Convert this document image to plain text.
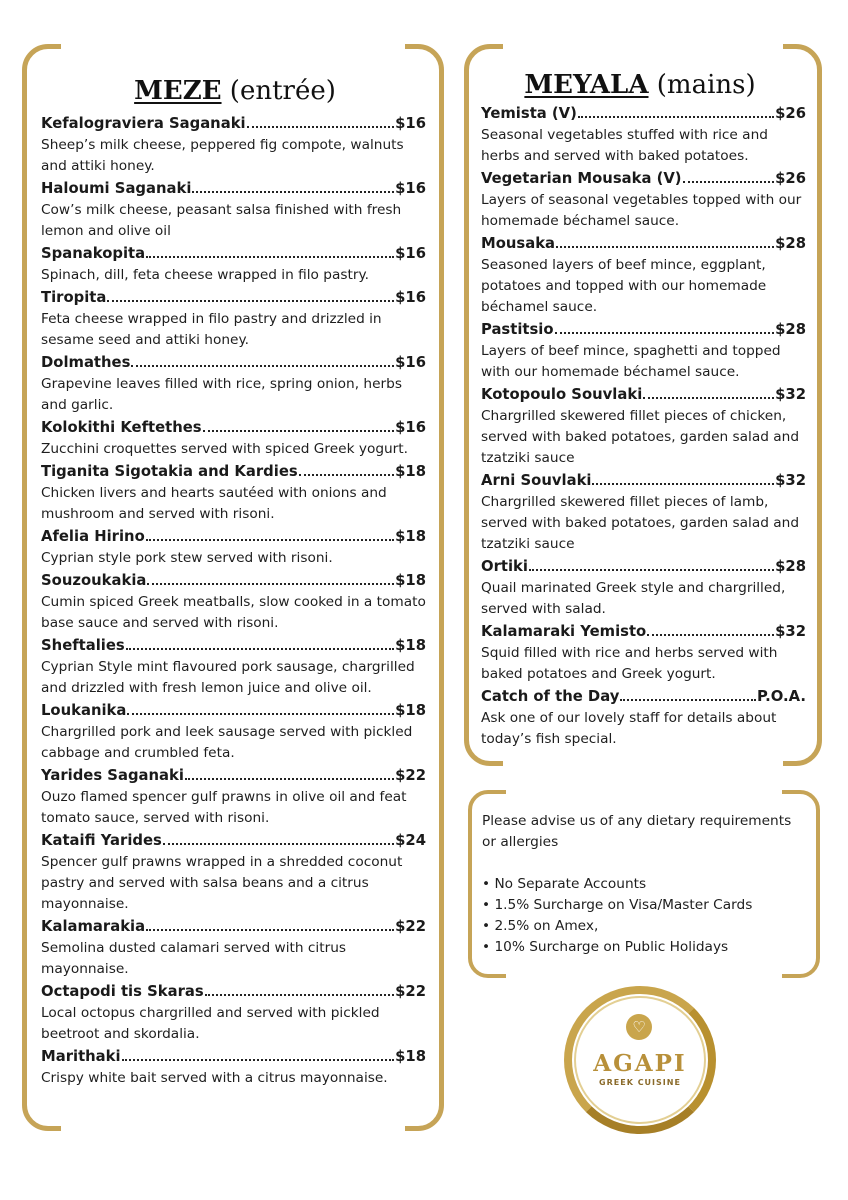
MEZE (entrée)
Kefalograviera Saganaki	$16
Sheep’s milk cheese, peppered fig compote, walnuts and attiki honey.
Haloumi Saganaki	$16
Cow’s milk cheese, peasant salsa finished with fresh lemon and olive oil
Spanakopita	$16
Spinach, dill, feta cheese wrapped in filo pastry.
Tiropita	$16
Feta cheese wrapped in filo pastry and drizzled in sesame seed and attiki honey.
Dolmathes	$16
Grapevine leaves filled with rice, spring onion, herbs and garlic.
Kolokithi Keftethes	$16
Zucchini croquettes served with spiced Greek yogurt.
Tiganita Sigotakia and Kardies	$18
Chicken livers and hearts sautéed with onions and mushroom and served with risoni.
Afelia Hirino	$18
Cyprian style pork stew served with risoni.
Souzoukakia	$18
Cumin spiced Greek meatballs, slow cooked in a tomato base sauce and served with risoni.
Sheftalies	$18
Cyprian Style mint flavoured pork sausage, chargrilled and drizzled with fresh lemon juice and olive oil.
Loukanika	$18
Chargrilled pork and leek sausage served with pickled cabbage and crumbled feta.
Yarides Saganaki	$22
Ouzo flamed spencer gulf prawns in olive oil and feat tomato sauce, served with risoni.
Kataifi Yarides	$24
Spencer gulf prawns wrapped in a shredded coconut pastry and served with salsa beans and a citrus mayonnaise.
Kalamarakia	$22
Semolina dusted calamari served with citrus mayonnaise.
Octapodi tis Skaras	$22
Local octopus chargrilled and served with pickled beetroot and skordalia.
Marithaki	$18
Crispy white bait served with a citrus mayonnaise.
MEYALA (mains)
Yemista (V)	$26
Seasonal vegetables stuffed with rice and herbs and served with baked potatoes.
Vegetarian Mousaka (V)	$26
Layers of seasonal vegetables topped with our homemade béchamel sauce.
Mousaka	$28
Seasoned layers of beef mince, eggplant, potatoes and topped with our homemade béchamel sauce.
Pastitsio	$28
Layers of beef mince, spaghetti and topped with our homemade béchamel sauce.
Kotopoulo Souvlaki	$32
Chargrilled skewered fillet pieces of chicken, served with baked potatoes, garden salad and tzatziki sauce
Arni Souvlaki	$32
Chargrilled skewered fillet pieces of lamb, served with baked potatoes, garden salad and tzatziki sauce
Ortiki	$28
Quail marinated Greek style and chargrilled, served with salad.
Kalamaraki Yemisto	$32
Squid filled with rice and herbs served with baked potatoes and Greek yogurt.
Catch of the Day	P.O.A.
Ask one of our lovely staff for details about today’s fish special.

Please advise us of any dietary requirements or allergies

• No Separate Accounts
• 1.5% Surcharge on Visa/Master Cards
• 2.5% on Amex,
• 10% Surcharge on Public Holidays
♡
AGAPI
GREEK CUISINE
